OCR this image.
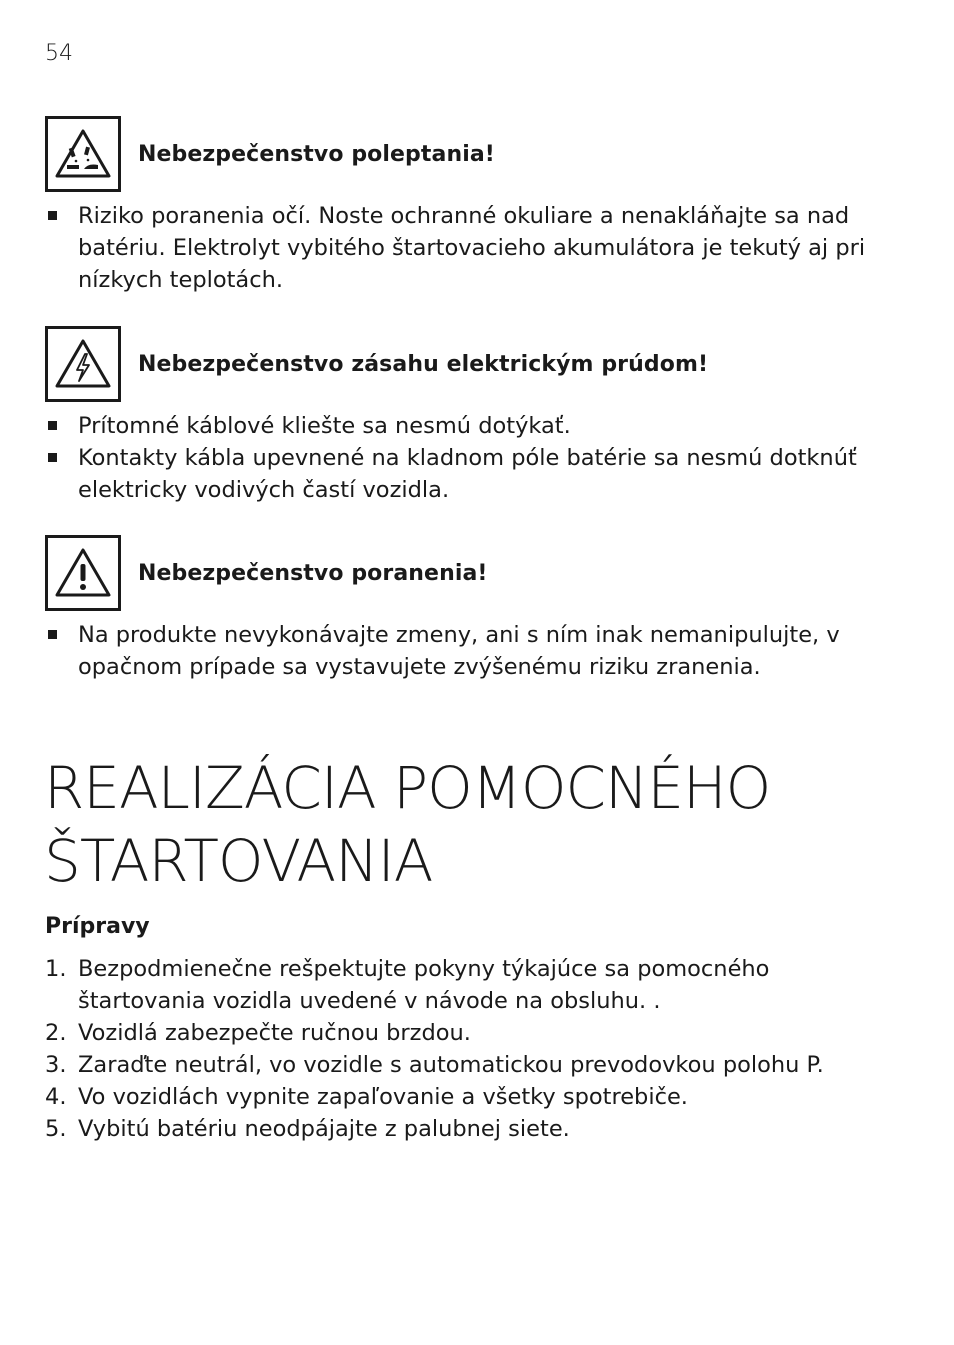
54
Nebezpečenstvo poleptania!
Riziko poranenia očí. Noste ochranné okuliare a nenakláňajte sa nad batériu. Elektrolyt vybitého štartovacieho akumulátora je tekutý aj pri nízkych teplotách.
Nebezpečenstvo zásahu elektrickým prúdom!
Prítomné káblové kliešte sa nesmú dotýkať.
Kontakty kábla upevnené na kladnom póle batérie sa nesmú dotknúť elektricky vodivých častí vozidla.
Nebezpečenstvo poranenia!
Na produkte nevykonávajte zmeny, ani s ním inak nemanipulujte, v opačnom prípade sa vystavujete zvýšenému riziku zranenia.
REALIZÁCIA POMOCNÉHO
ŠTARTOVANIA
Prípravy
1. Bezpodmienečne rešpektujte pokyny týkajúce sa pomocného štartovania vozidla uvedené v návode na obsluhu. .
2. Vozidlá zabezpečte ručnou brzdou.
3. Zaraďte neutrál, vo vozidle s automatickou prevodovkou polohu P.
4. Vo vozidlách vypnite zapaľovanie a všetky spotrebiče.
5. Vybitú batériu neodpájajte z palubnej siete.
